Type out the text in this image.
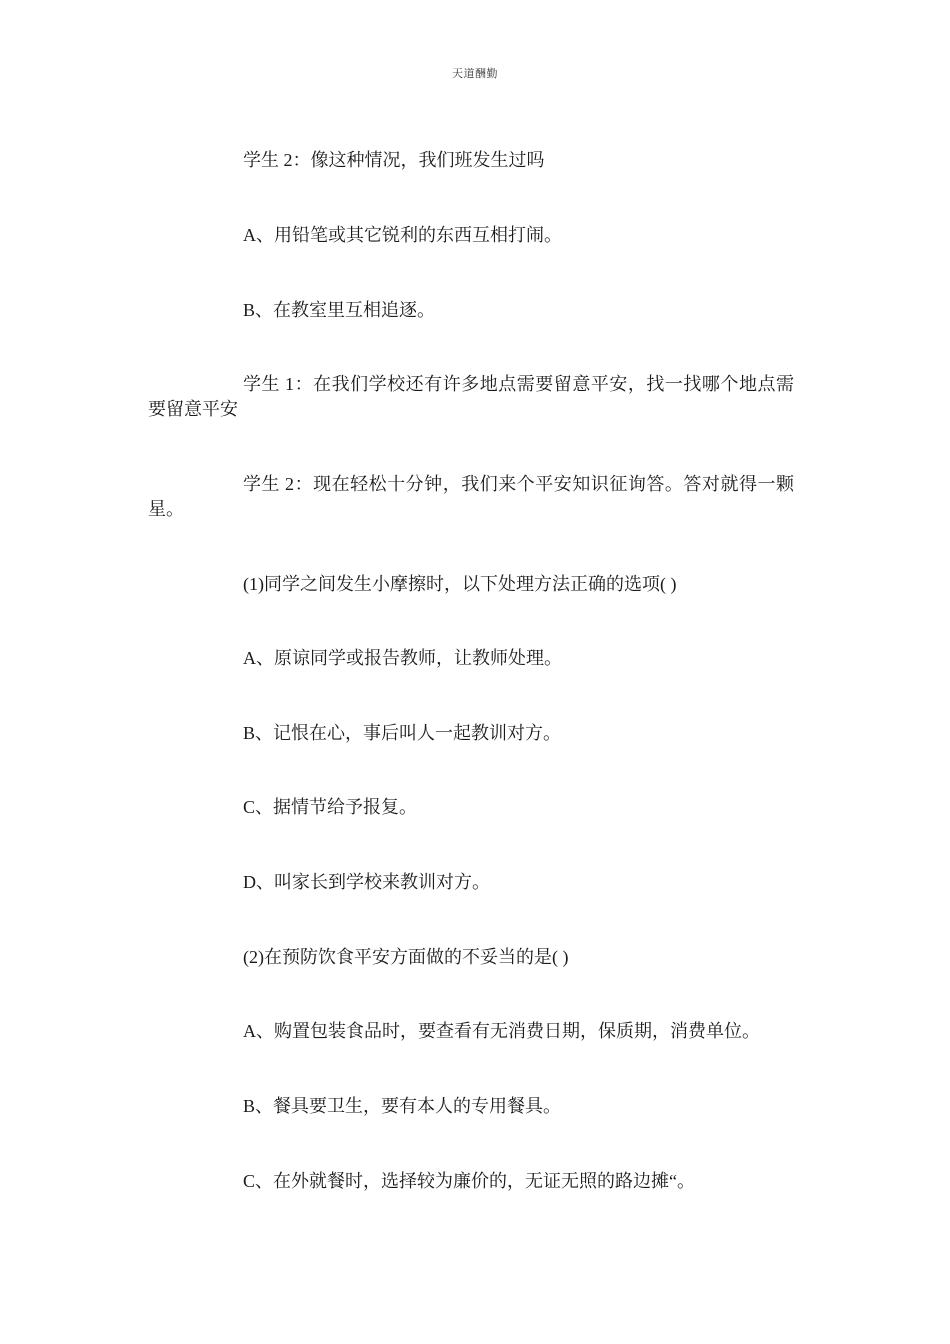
天道酬勤

学生 2：像这种情况，我们班发生过吗

A、用铅笔或其它锐利的东西互相打闹。

B、在教室里互相追逐。

学生 1：在我们学校还有许多地点需要留意平安，找一找哪个地点需要留意平安

学生 2：现在轻松十分钟，我们来个平安知识征询答。答对就得一颗星。

(1)同学之间发生小摩擦时，以下处理方法正确的选项( )

A、原谅同学或报告教师，让教师处理。

B、记恨在心，事后叫人一起教训对方。

C、据情节给予报复。

D、叫家长到学校来教训对方。

(2)在预防饮食平安方面做的不妥当的是( )

A、购置包装食品时，要查看有无消费日期，保质期，消费单位。

B、餐具要卫生，要有本人的专用餐具。

C、在外就餐时，选择较为廉价的，无证无照的路边摊“。
